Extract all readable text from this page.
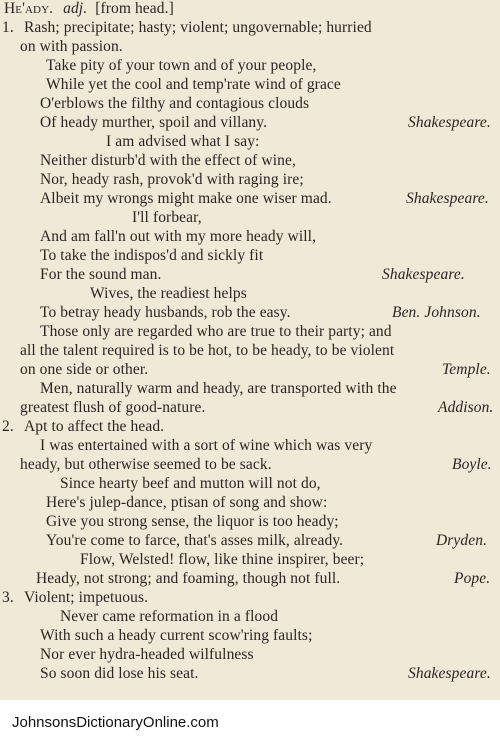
He'ady. adj. [from head.]
1. Rash; precipitate; hasty; violent; ungovernable; hurried
on with passion.
Take pity of your town and of your people,
While yet the cool and temp'rate wind of grace
O'erblows the filthy and contagious clouds
Of heady murther, spoil and villany.	Shakespeare.
I am advised what I say:
Neither disturb'd with the effect of wine,
Nor, heady rash, provok'd with raging ire;
Albeit my wrongs might make one wiser mad.	Shakespeare.
I'll forbear,
And am fall'n out with my more heady will,
To take the indispos'd and sickly fit
For the sound man.	Shakespeare.
Wives, the readiest helps
To betray heady husbands, rob the easy.	Ben. Johnson.
Those only are regarded who are true to their party; and
all the talent required is to be hot, to be heady, to be violent
on one side or other.	Temple.
Men, naturally warm and heady, are transported with the
greatest flush of good-nature.	Addison.
2. Apt to affect the head.
I was entertained with a sort of wine which was very
heady, but otherwise seemed to be sack.	Boyle.
Since hearty beef and mutton will not do,
Here's julep-dance, ptisan of song and show:
Give you strong sense, the liquor is too heady;
You're come to farce, that's asses milk, already.	Dryden.
Flow, Welsted! flow, like thine inspirer, beer;
Heady, not strong; and foaming, though not full.	Pope.
3. Violent; impetuous.
Never came reformation in a flood
With such a heady current scow'ring faults;
Nor ever hydra-headed wilfulness
So soon did lose his seat.	Shakespeare.
JohnsonsDictionaryOnline.com
